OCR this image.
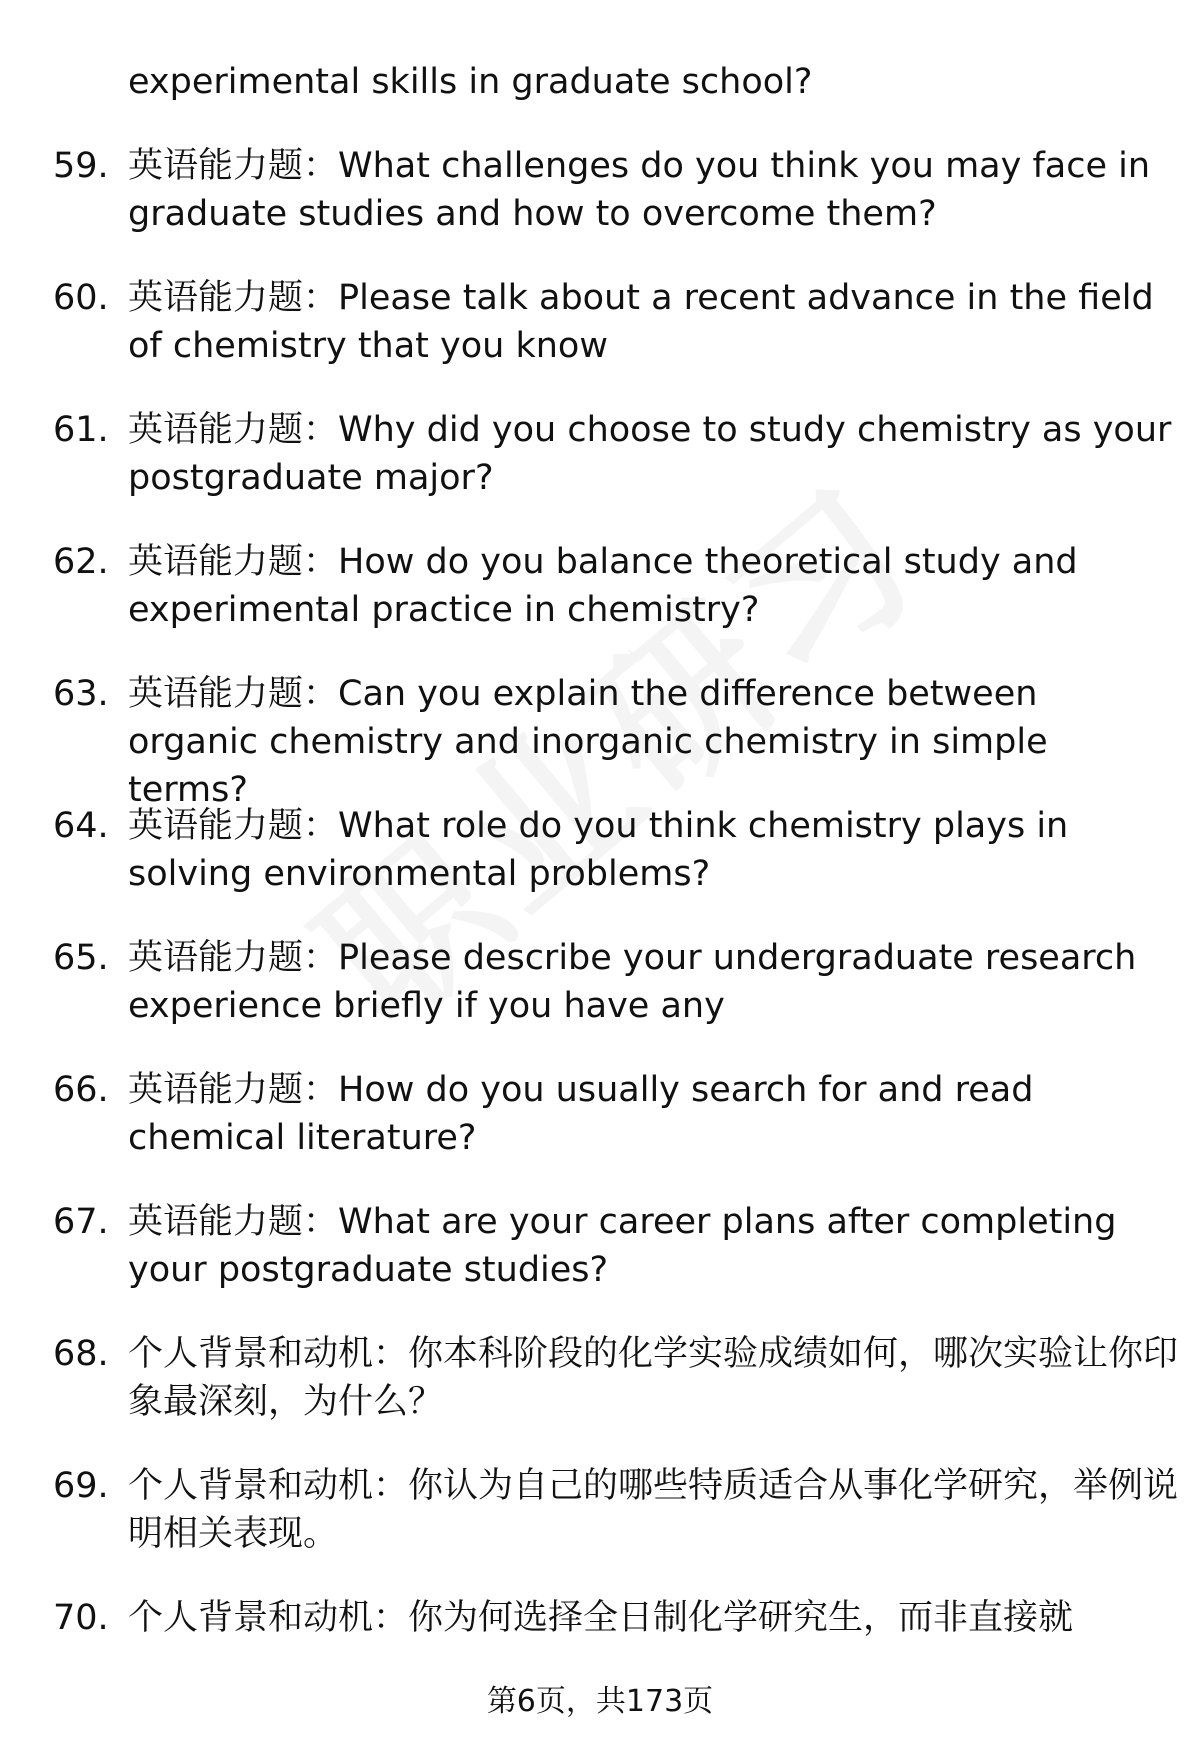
experimental skills in graduate school?
59. 英语能力题：What challenges do you think you may face in graduate studies and how to overcome them?
60. 英语能力题：Please talk about a recent advance in the field of chemistry that you know
61. 英语能力题：Why did you choose to study chemistry as your postgraduate major?
62. 英语能力题：How do you balance theoretical study and experimental practice in chemistry?
63. 英语能力题：Can you explain the difference between organic chemistry and inorganic chemistry in simple terms?
64. 英语能力题：What role do you think chemistry plays in solving environmental problems?
65. 英语能力题：Please describe your undergraduate research experience briefly if you have any
66. 英语能力题：How do you usually search for and read chemical literature?
67. 英语能力题：What are your career plans after completing your postgraduate studies?
68. 个人背景和动机：你本科阶段的化学实验成绩如何，哪次实验让你印象最深刻，为什么？
69. 个人背景和动机：你认为自己的哪些特质适合从事化学研究，举例说明相关表现。
70. 个人背景和动机：你为何选择全日制化学研究生，而非直接就
第6页，共173页
